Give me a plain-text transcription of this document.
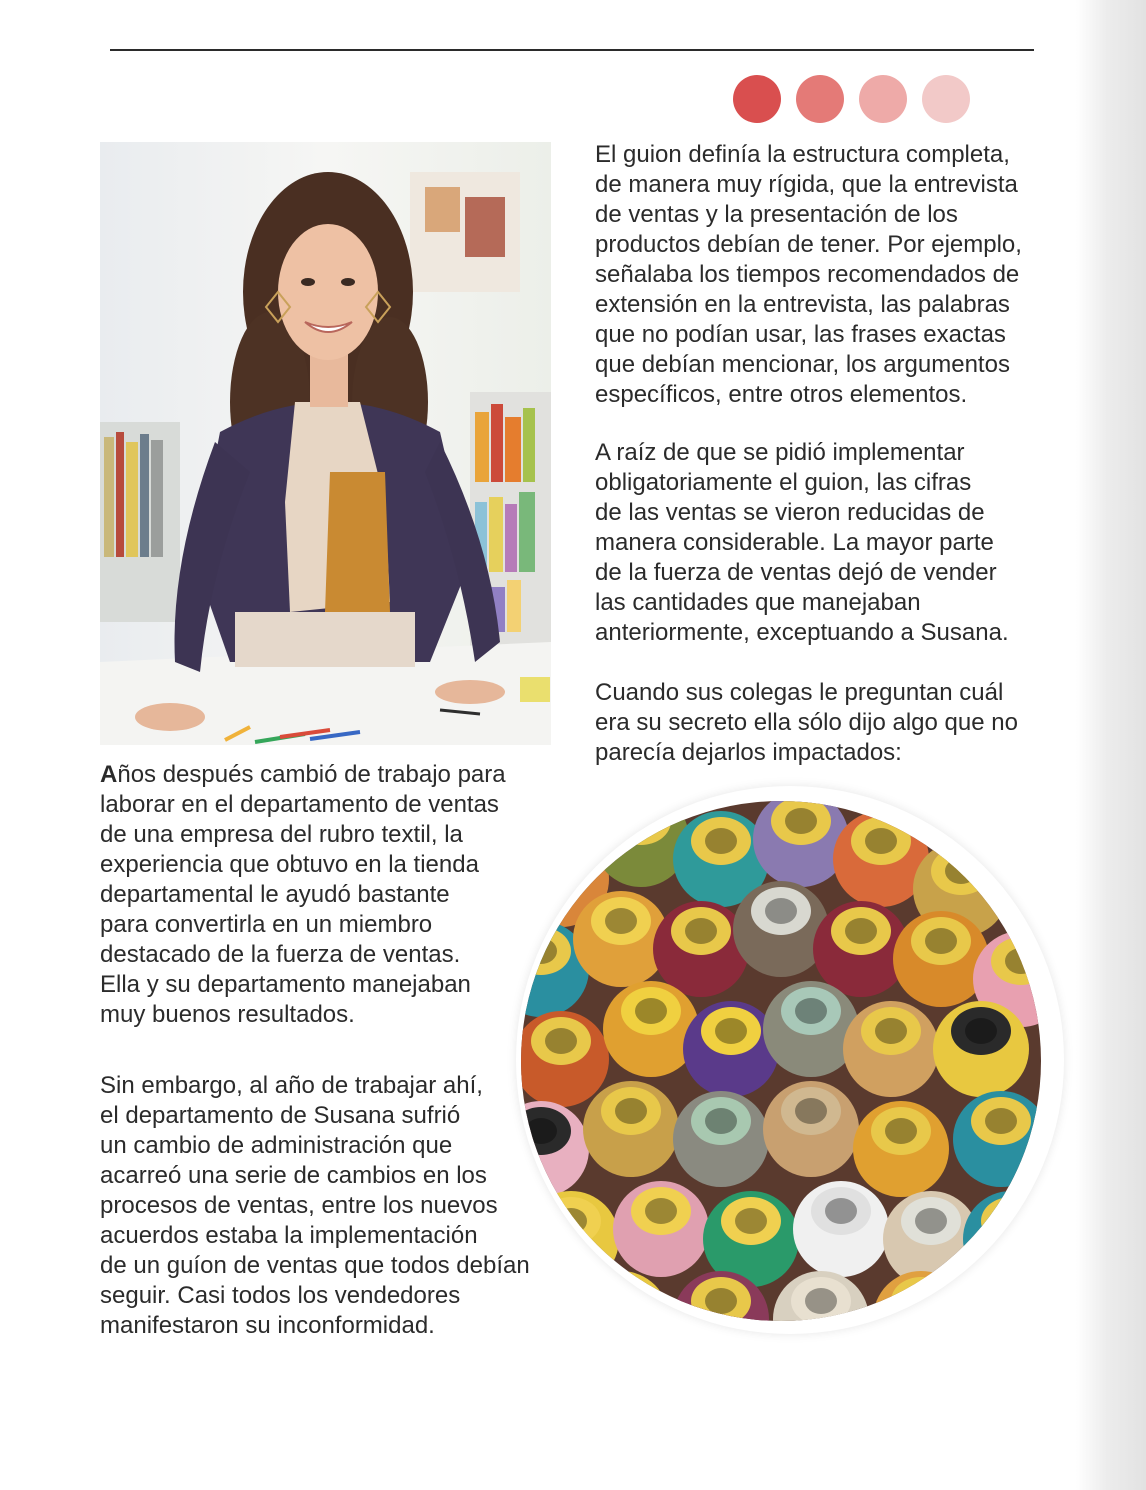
El guion definía la estructura completa,
de manera muy rígida, que la entrevista
de ventas y la presentación de los
productos debían de tener. Por ejemplo,
señalaba los tiempos recomendados de
extensión en la entrevista, las palabras
que no podían usar, las frases exactas
que debían mencionar, los argumentos
específicos, entre otros elementos.

A raíz de que se pidió implementar
obligatoriamente el guion, las cifras
de las ventas se vieron reducidas de
manera considerable. La mayor parte
de la fuerza de ventas dejó de vender
las cantidades que manejaban
anteriormente, exceptuando a Susana.

Cuando sus colegas le preguntan cuál
era su secreto ella sólo dijo algo que no
parecía dejarlos impactados:

Años después cambió de trabajo para
laborar en el departamento de ventas
de una empresa del rubro textil, la
experiencia que obtuvo en la tienda
departamental le ayudó bastante
para convertirla en un miembro
destacado de la fuerza de ventas.
Ella y su departamento manejaban
muy buenos resultados.

Sin embargo, al año de trabajar ahí,
el departamento de Susana sufrió
un cambio de administración que
acarreó una serie de cambios en los
procesos de ventas, entre los nuevos
acuerdos estaba la implementación
de un guíon de ventas que todos debían
seguir. Casi todos los vendedores
manifestaron su inconformidad.
